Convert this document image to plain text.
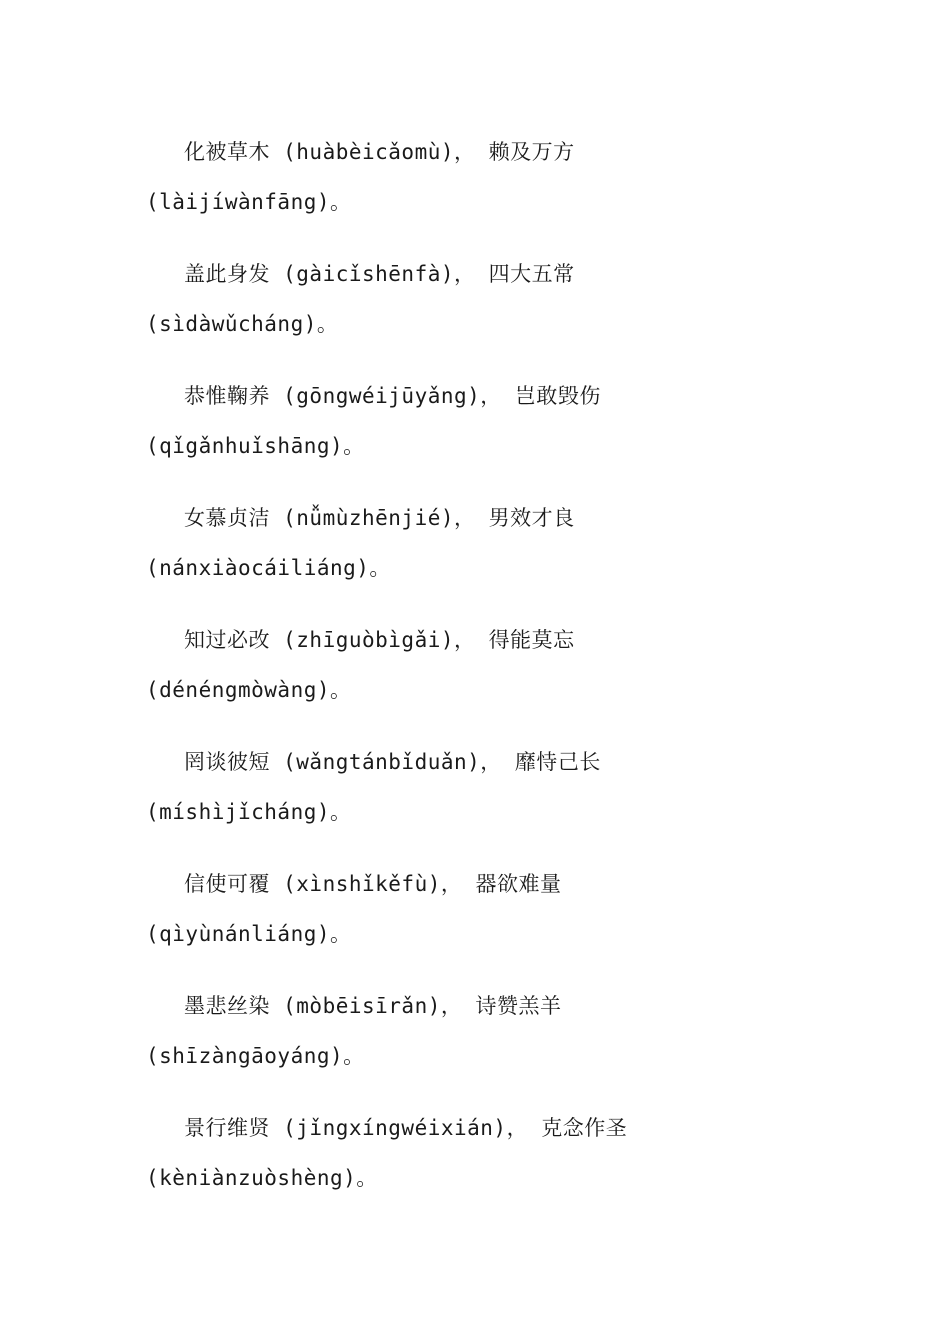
化被草木 (huàbèicǎomù)， 赖及万方
(làijíwànfāng)。
盖此身发 (gàicǐshēnfà)， 四大五常
(sìdàwǔcháng)。
恭惟鞠养 (gōngwéijūyǎng)， 岂敢毁伤
(qǐgǎnhuǐshāng)。
女慕贞洁 (nǚmùzhēnjié)， 男效才良
(nánxiàocáiliáng)。
知过必改 (zhīguòbìgǎi)， 得能莫忘
(dénéngmòwàng)。
罔谈彼短 (wǎngtánbǐduǎn)， 靡恃己长
(míshìjǐcháng)。
信使可覆 (xìnshǐkěfù)， 器欲难量
(qìyùnánliáng)。
墨悲丝染 (mòbēisīrǎn)， 诗赞羔羊
(shīzàngāoyáng)。
景行维贤 (jǐngxíngwéixián)， 克念作圣
(kèniànzuòshèng)。
